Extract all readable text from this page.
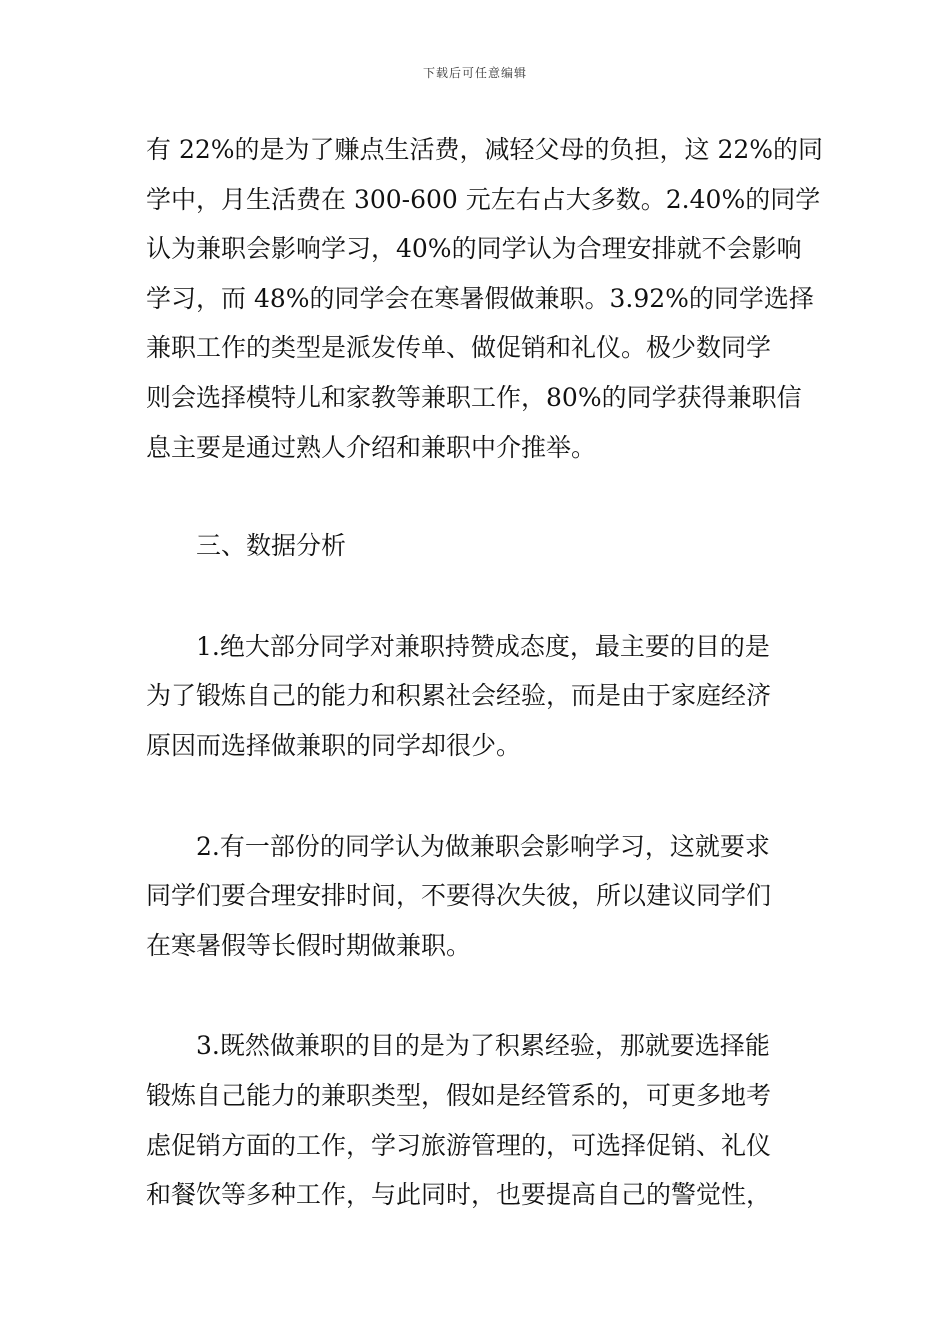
下载后可任意编辑
有 22%的是为了赚点生活费，减轻父母的负担，这 22%的同
学中，月生活费在 300-600 元左右占大多数。2.40%的同学
认为兼职会影响学习，40%的同学认为合理安排就不会影响
学习，而 48%的同学会在寒暑假做兼职。3.92%的同学选择
兼职工作的类型是派发传单、做促销和礼仪。极少数同学
则会选择模特儿和家教等兼职工作，80%的同学获得兼职信
息主要是通过熟人介绍和兼职中介推举。
三、数据分析
1.绝大部分同学对兼职持赞成态度，最主要的目的是
为了锻炼自己的能力和积累社会经验，而是由于家庭经济
原因而选择做兼职的同学却很少。
2.有一部份的同学认为做兼职会影响学习，这就要求
同学们要合理安排时间，不要得次失彼，所以建议同学们
在寒暑假等长假时期做兼职。
3.既然做兼职的目的是为了积累经验，那就要选择能
锻炼自己能力的兼职类型，假如是经管系的，可更多地考
虑促销方面的工作，学习旅游管理的，可选择促销、礼仪
和餐饮等多种工作，与此同时，也要提高自己的警觉性，
